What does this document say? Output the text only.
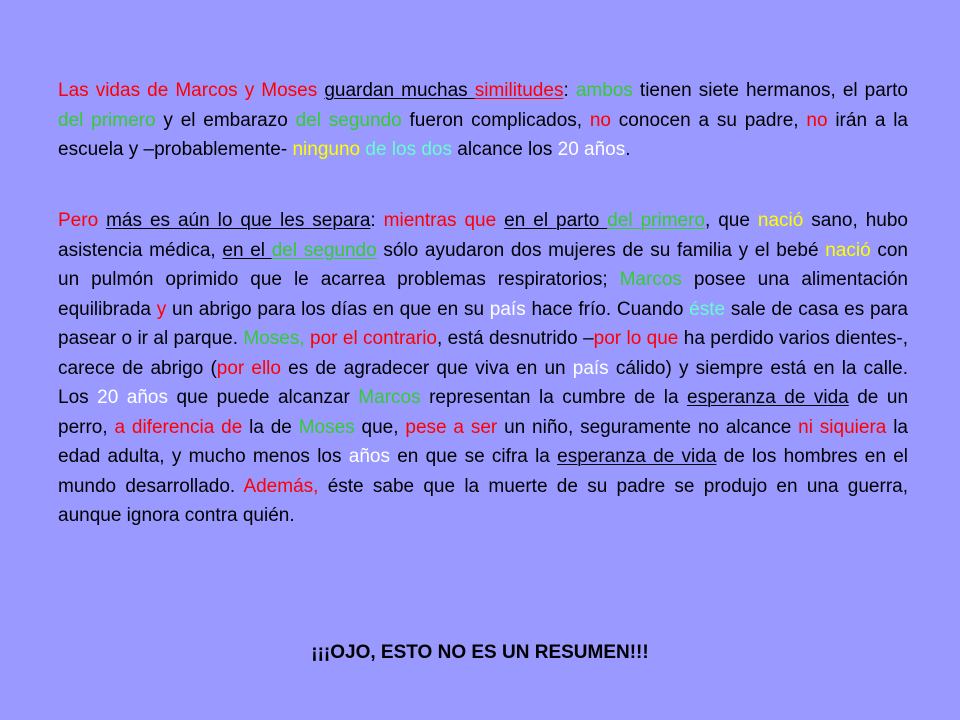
Las vidas de Marcos y Moses guardan muchas similitudes: ambos tienen siete hermanos, el parto del primero y el embarazo del segundo fueron complicados, no conocen a su padre, no irán a la escuela y –probablemente- ninguno de los dos alcance los 20 años.

Pero más es aún lo que les separa: mientras que en el parto del primero, que nació sano, hubo asistencia médica, en el del segundo sólo ayudaron dos mujeres de su familia y el bebé nació con un pulmón oprimido que le acarrea problemas respiratorios; Marcos posee una alimentación equilibrada y un abrigo para los días en que en su país hace frío. Cuando éste sale de casa es para pasear o ir al parque. Moses, por el contrario, está desnutrido –por lo que ha perdido varios dientes-, carece de abrigo (por ello es de agradecer que viva en un país cálido) y siempre está en la calle. Los 20 años que puede alcanzar Marcos representan la cumbre de la esperanza de vida de un perro, a diferencia de la de Moses que, pese a ser un niño, seguramente no alcance ni siquiera la edad adulta, y mucho menos los años en que se cifra la esperanza de vida de los hombres en el mundo desarrollado. Además, éste sabe que la muerte de su padre se produjo en una guerra, aunque ignora contra quién.

¡¡¡OJO, ESTO NO ES UN RESUMEN!!!
